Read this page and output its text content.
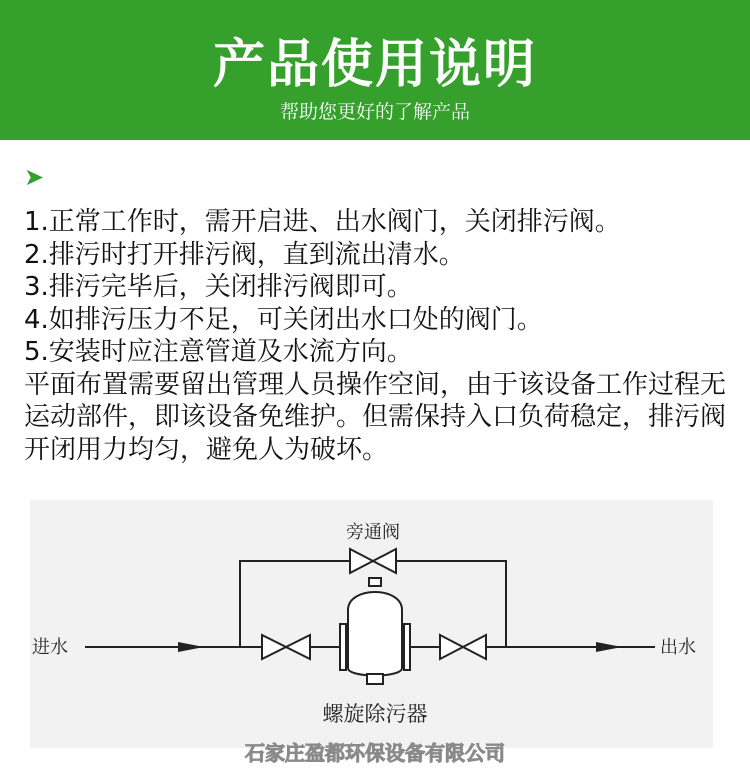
产品使用说明
帮助您更好的了解产品
➤
1.正常工作时，需开启进、出水阀门，关闭排污阀。
2.排污时打开排污阀，直到流出清水。
3.排污完毕后，关闭排污阀即可。
4.如排污压力不足，可关闭出水口处的阀门。
5.安装时应注意管道及水流方向。
平面布置需要留出管理人员操作空间，由于该设备工作过程无运动部件，即该设备免维护。但需保持入口负荷稳定，排污阀开闭用力均匀，避免人为破坏。
旁通阀
进水	出水
螺旋除污器
石家庄盈都环保设备有限公司
